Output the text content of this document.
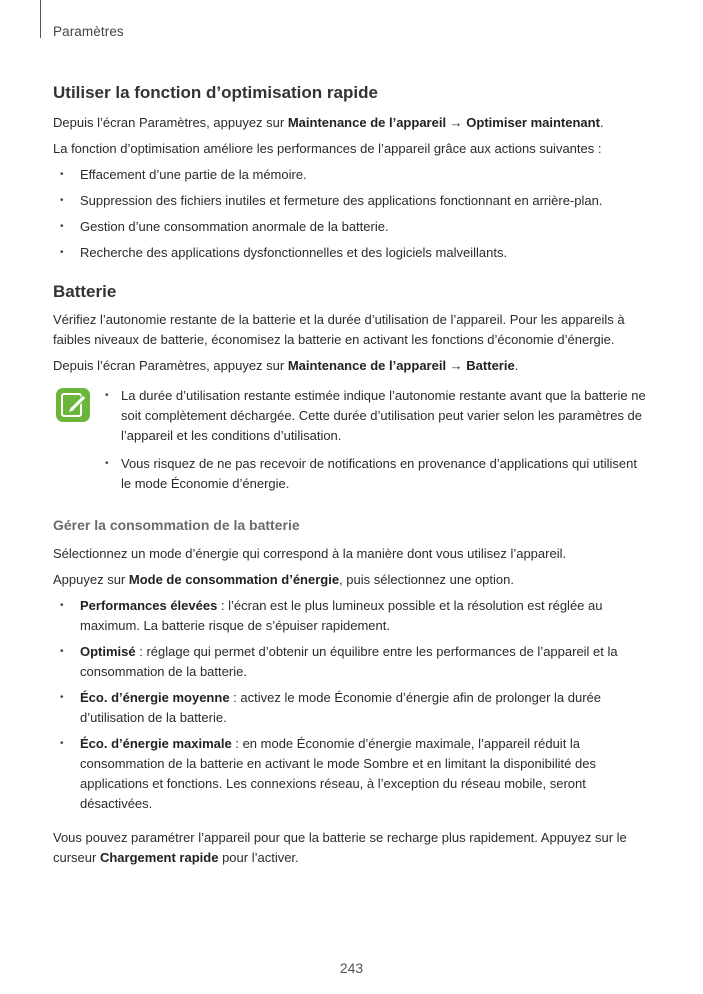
Paramètres
Utiliser la fonction d’optimisation rapide

Depuis l’écran Paramètres, appuyez sur Maintenance de l’appareil → Optimiser maintenant.

La fonction d’optimisation améliore les performances de l’appareil grâce aux actions suivantes :

• Effacement d’une partie de la mémoire.
• Suppression des fichiers inutiles et fermeture des applications fonctionnant en arrière-plan.
• Gestion d’une consommation anormale de la batterie.
• Recherche des applications dysfonctionnelles et des logiciels malveillants.
Batterie

Vérifiez l’autonomie restante de la batterie et la durée d’utilisation de l’appareil. Pour les appareils à faibles niveaux de batterie, économisez la batterie en activant les fonctions d’économie d’énergie.

Depuis l’écran Paramètres, appuyez sur Maintenance de l’appareil → Batterie.

• La durée d’utilisation restante estimée indique l’autonomie restante avant que la batterie ne soit complètement déchargée. Cette durée d’utilisation peut varier selon les paramètres de l’appareil et les conditions d’utilisation.
• Vous risquez de ne pas recevoir de notifications en provenance d’applications qui utilisent le mode Économie d’énergie.
Gérer la consommation de la batterie

Sélectionnez un mode d’énergie qui correspond à la manière dont vous utilisez l’appareil.

Appuyez sur Mode de consommation d’énergie, puis sélectionnez une option.

• Performances élevées : l’écran est le plus lumineux possible et la résolution est réglée au maximum. La batterie risque de s’épuiser rapidement.
• Optimisé : réglage qui permet d’obtenir un équilibre entre les performances de l’appareil et la consommation de la batterie.
• Éco. d’énergie moyenne : activez le mode Économie d’énergie afin de prolonger la durée d’utilisation de la batterie.
• Éco. d’énergie maximale : en mode Économie d’énergie maximale, l’appareil réduit la consommation de la batterie en activant le mode Sombre et en limitant la disponibilité des applications et fonctions. Les connexions réseau, à l’exception du réseau mobile, seront désactivées.

Vous pouvez paramétrer l’appareil pour que la batterie se recharge plus rapidement. Appuyez sur le curseur Chargement rapide pour l’activer.

243
